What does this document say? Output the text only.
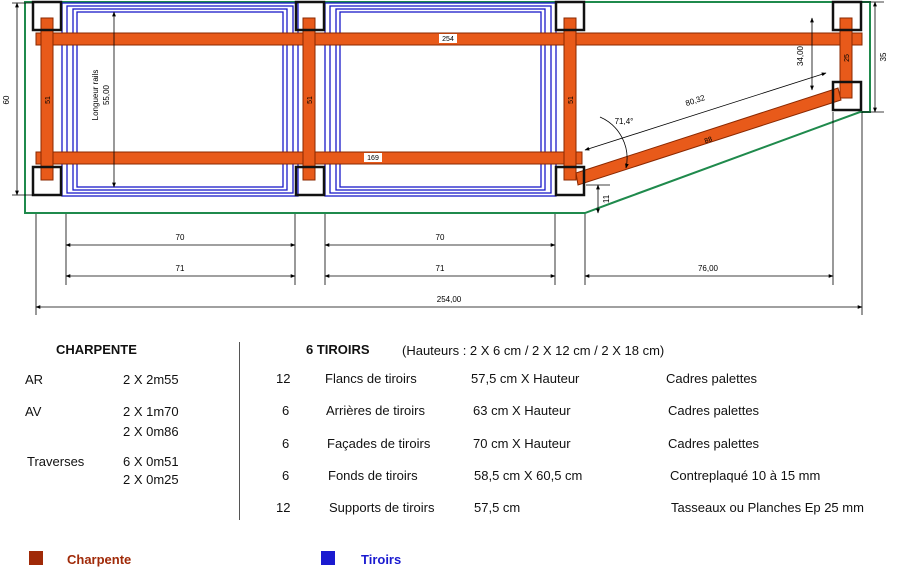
254
169
51	51	51
25
88
60	Longueur rails 55,00
35
34,00
80,32
71,4°
11
70	70
71	71	76,00
254,00
CHARPENTE
AR	2 X 2m55
AV	2 X 1m70
2 X 0m86
Traverses	6 X 0m51
2 X 0m25
6 TIROIRS (Hauteurs : 2 X 6 cm / 2 X 12 cm / 2 X 18 cm)
12	Flancs de tiroirs	57,5 cm X Hauteur	Cadres palettes
6	Arrières de tiroirs	63 cm X Hauteur	Cadres palettes
6	Façades de tiroirs	70 cm X Hauteur	Cadres palettes
6	Fonds de tiroirs	58,5 cm X 60,5 cm	Contreplaqué 10 à 15 mm
12	Supports de tiroirs	57,5 cm	Tasseaux ou Planches Ep 25 mm
Charpente	Tiroirs
